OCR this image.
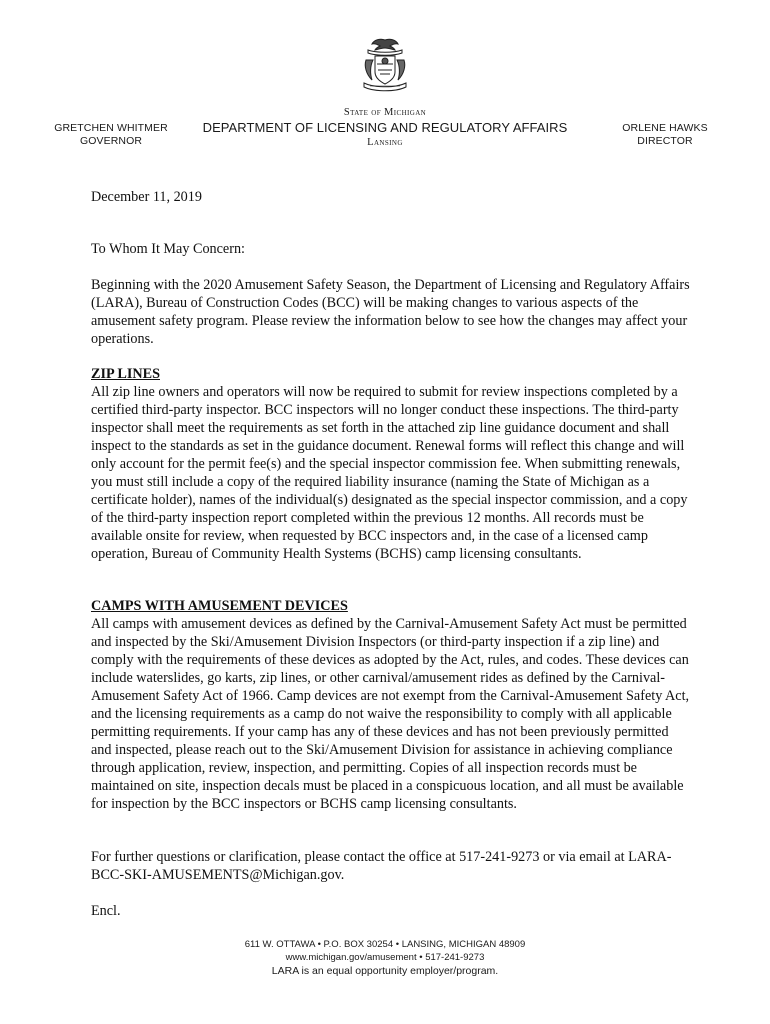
GRETCHEN WHITMER
GOVERNOR
State of Michigan
DEPARTMENT OF LICENSING AND REGULATORY AFFAIRS
Lansing
ORLENE HAWKS
DIRECTOR
December 11, 2019
To Whom It May Concern:
Beginning with the 2020 Amusement Safety Season, the Department of Licensing and Regulatory Affairs (LARA), Bureau of Construction Codes (BCC) will be making changes to various aspects of the amusement safety program. Please review the information below to see how the changes may affect your operations.
ZIP LINES
All zip line owners and operators will now be required to submit for review inspections completed by a certified third-party inspector. BCC inspectors will no longer conduct these inspections. The third-party inspector shall meet the requirements as set forth in the attached zip line guidance document and shall inspect to the standards as set in the guidance document. Renewal forms will reflect this change and will only account for the permit fee(s) and the special inspector commission fee. When submitting renewals, you must still include a copy of the required liability insurance (naming the State of Michigan as a certificate holder), names of the individual(s) designated as the special inspector commission, and a copy of the third-party inspection report completed within the previous 12 months. All records must be available onsite for review, when requested by BCC inspectors and, in the case of a licensed camp operation, Bureau of Community Health Systems (BCHS) camp licensing consultants.
CAMPS WITH AMUSEMENT DEVICES
All camps with amusement devices as defined by the Carnival-Amusement Safety Act must be permitted and inspected by the Ski/Amusement Division Inspectors (or third-party inspection if a zip line) and comply with the requirements of these devices as adopted by the Act, rules, and codes. These devices can include waterslides, go karts, zip lines, or other carnival/amusement rides as defined by the Carnival-Amusement Safety Act of 1966. Camp devices are not exempt from the Carnival-Amusement Safety Act, and the licensing requirements as a camp do not waive the responsibility to comply with all applicable permitting requirements. If your camp has any of these devices and has not been previously permitted and inspected, please reach out to the Ski/Amusement Division for assistance in achieving compliance through application, review, inspection, and permitting. Copies of all inspection records must be maintained on site, inspection decals must be placed in a conspicuous location, and all must be available for inspection by the BCC inspectors or BCHS camp licensing consultants.
For further questions or clarification, please contact the office at 517-241-9273 or via email at LARA-BCC-SKI-AMUSEMENTS@Michigan.gov.
Encl.
611 W. OTTAWA • P.O. BOX 30254 • LANSING, MICHIGAN 48909
www.michigan.gov/amusement • 517-241-9273
LARA is an equal opportunity employer/program.
